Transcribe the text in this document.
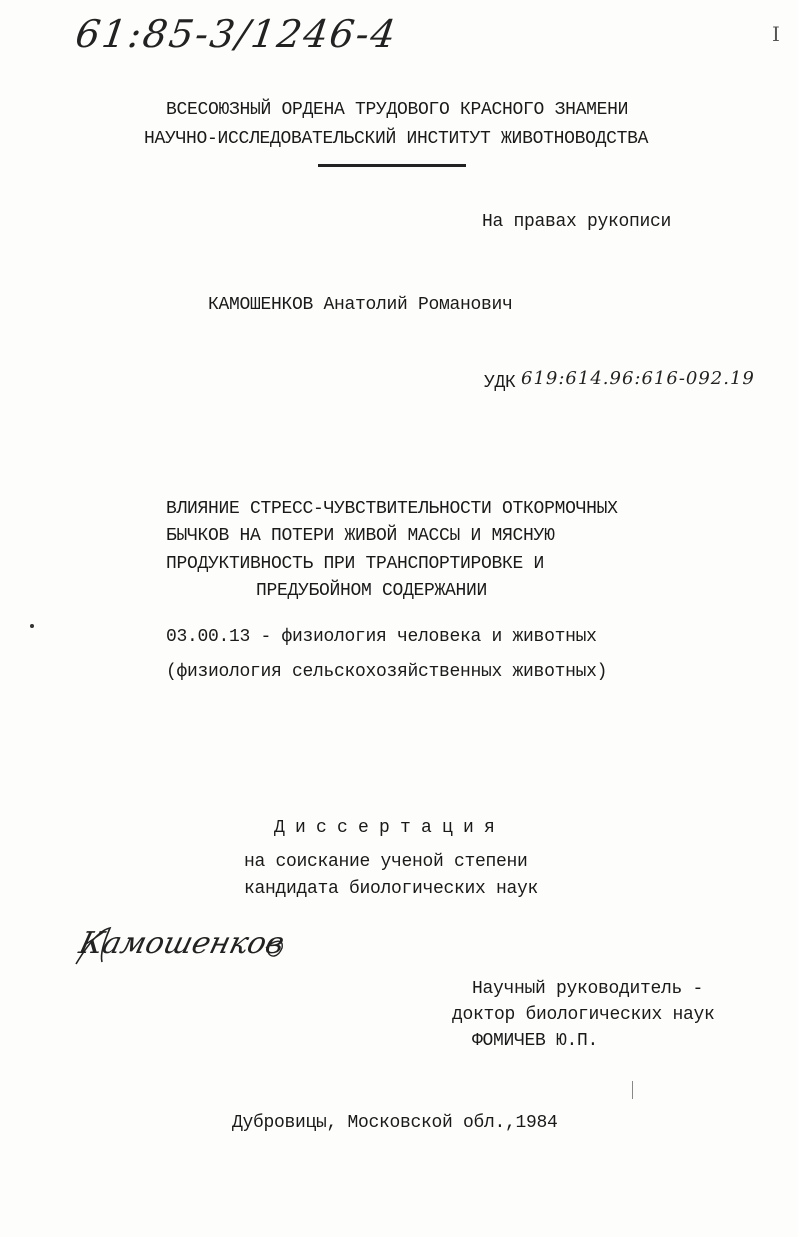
61:85-3/1246-4	I
ВСЕСОЮЗНЫЙ ОРДЕНА ТРУДОВОГО КРАСНОГО ЗНАМЕНИ
НАУЧНО-ИССЛЕДОВАТЕЛЬСКИЙ ИНСТИТУТ ЖИВОТНОВОДСТВА
На правах рукописи
КАМОШЕНКОВ Анатолий Романович
УДК 619:614.96:616-092.19
ВЛИЯНИЕ СТРЕСС-ЧУВСТВИТЕЛЬНОСТИ ОТКОРМОЧНЫХ
БЫЧКОВ НА ПОТЕРИ ЖИВОЙ МАССЫ И МЯСНУЮ
ПРОДУКТИВНОСТЬ ПРИ ТРАНСПОРТИРОВКЕ И
ПРЕДУБОЙНОМ СОДЕРЖАНИИ
03.00.13 - физиология человека и животных
(физиология сельскохозяйственных животных)
Д и с с е р т а ц и я
на соискание ученой степени
кандидата биологических наук
Камошенков
Научный руководитель -
доктор биологических наук
ФОМИЧЕВ Ю.П.
Дубровицы, Московской обл.,1984
